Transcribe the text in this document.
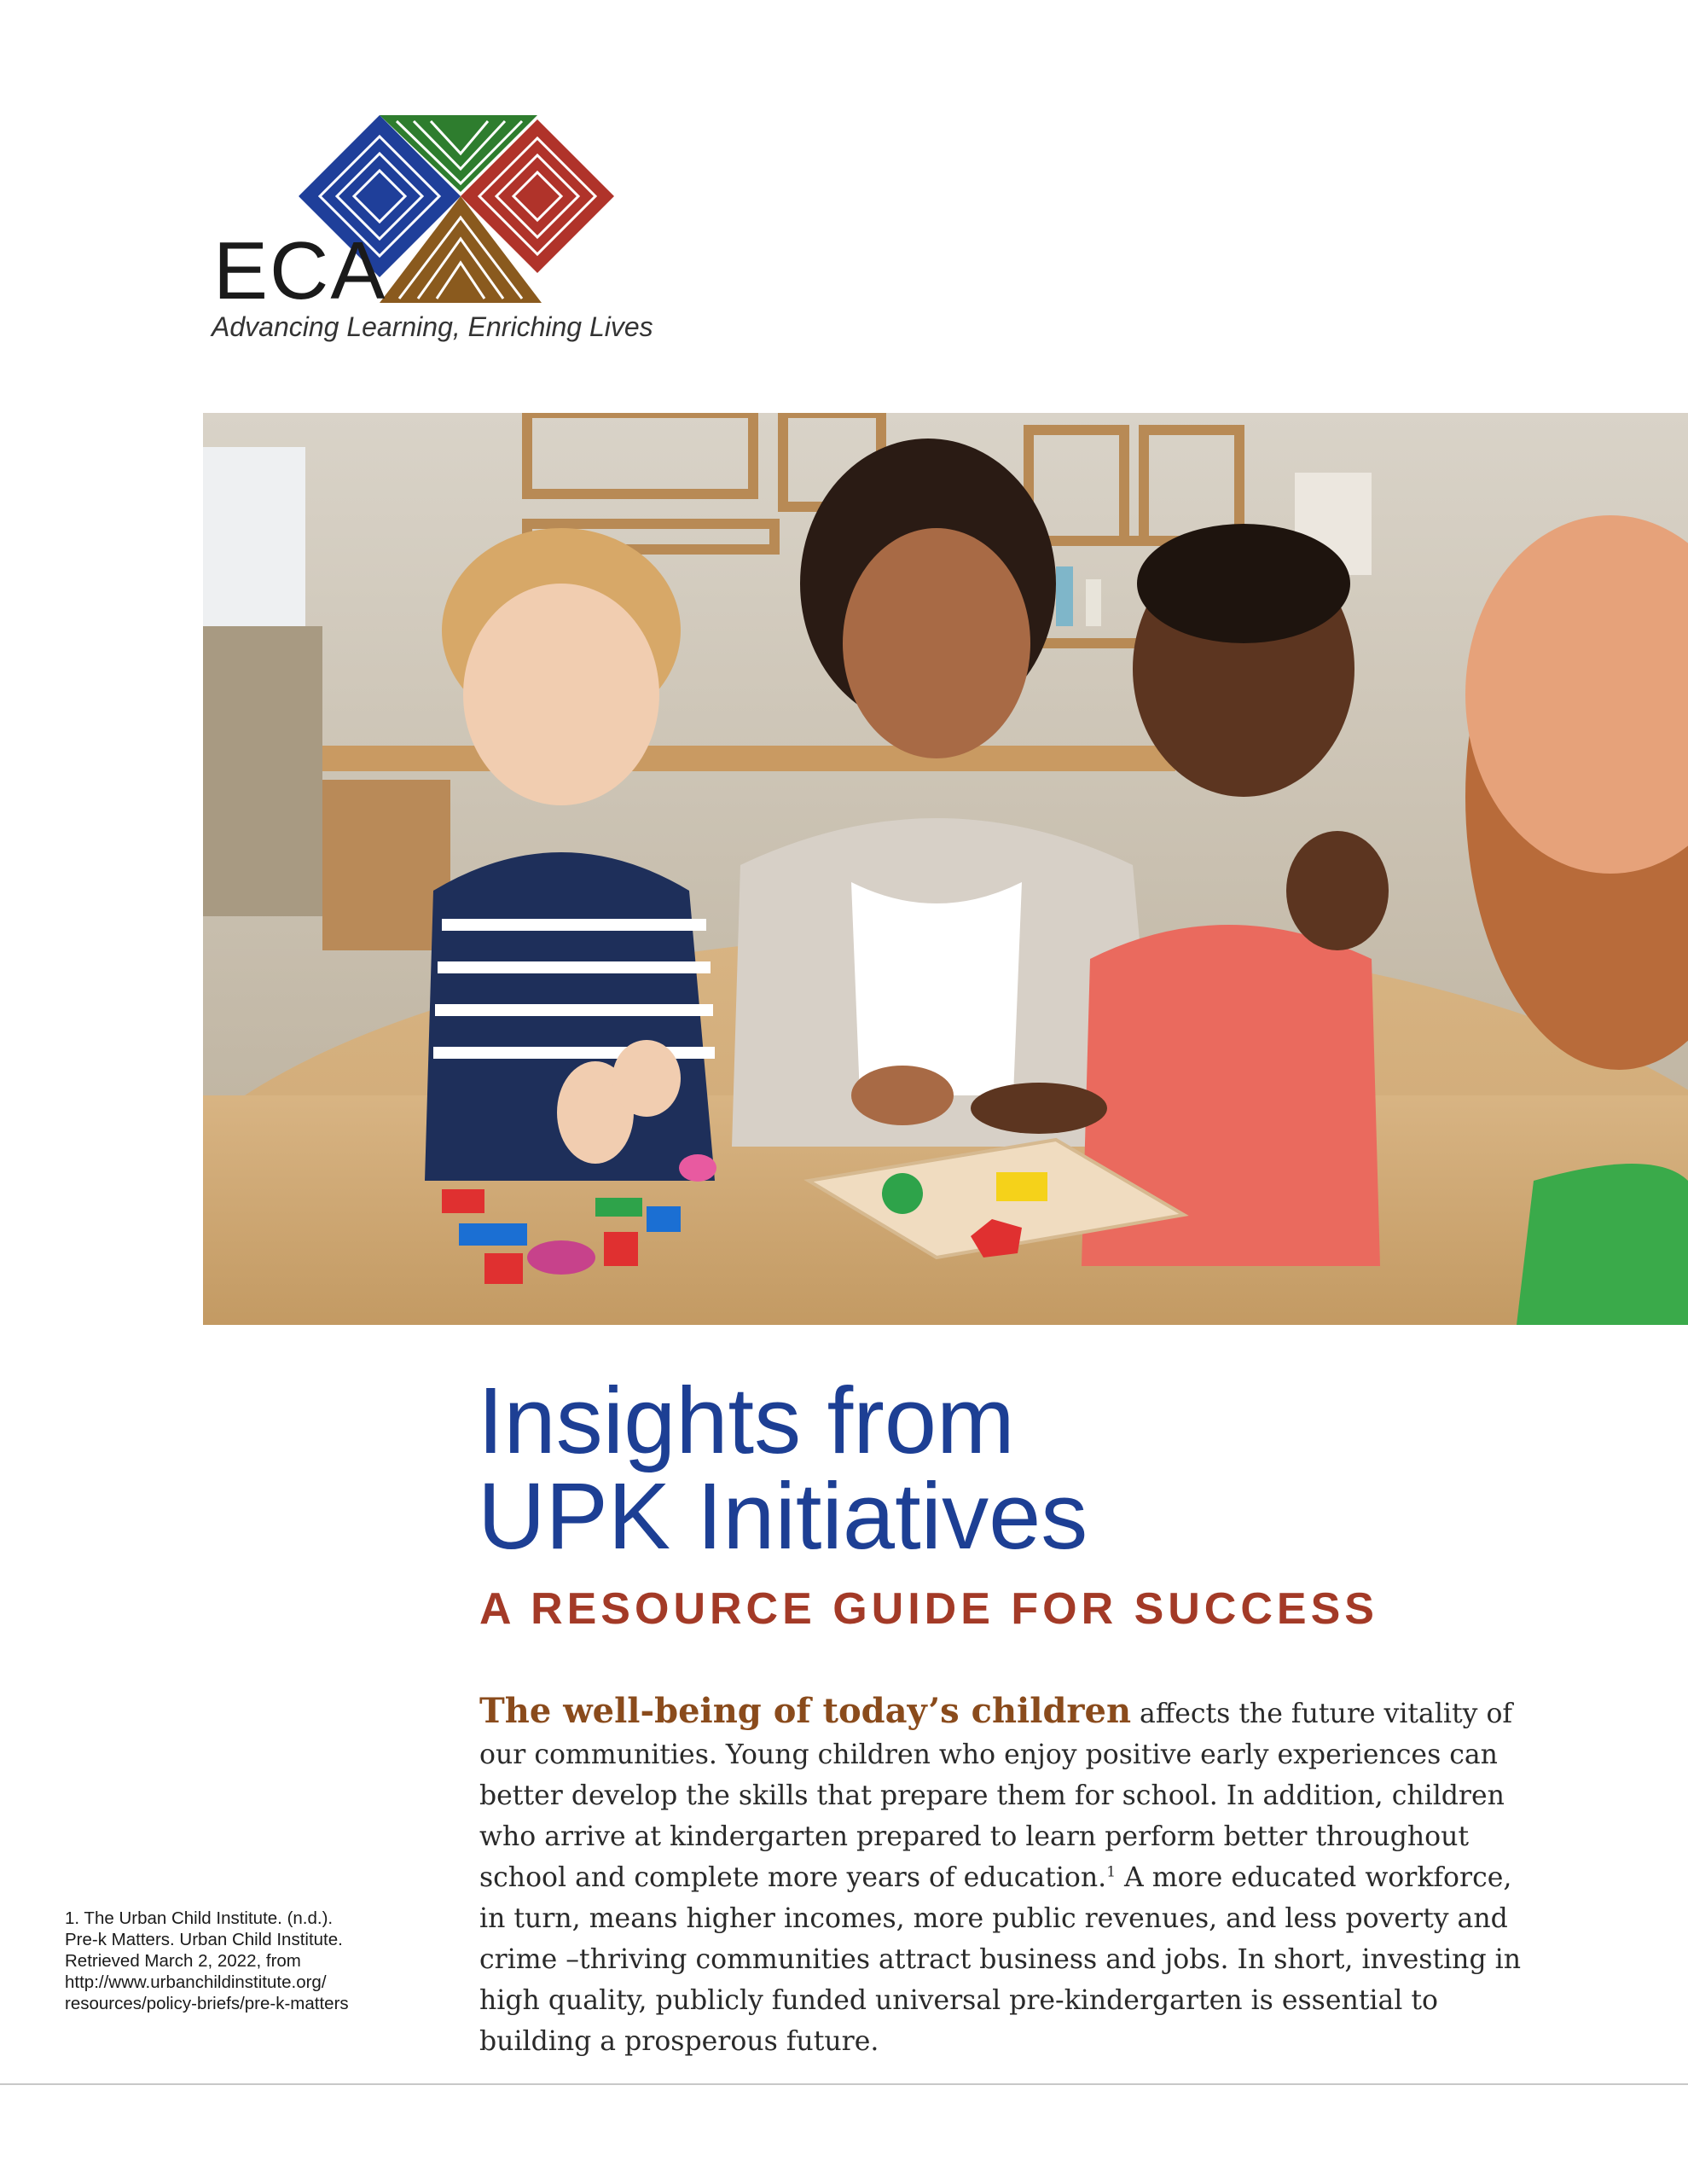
ECA
Advancing Learning, Enriching Lives
Insights from
UPK Initiatives
A RESOURCE GUIDE FOR SUCCESS

The well-being of today’s children affects the future vitality of our communities. Young children who enjoy positive early experiences can better develop the skills that prepare them for school. In addition, children who arrive at kindergarten prepared to learn perform better throughout school and complete more years of education.$^1$ A more educated workforce, in turn, means higher incomes, more public revenues, and less poverty and crime –thriving communities attract business and jobs. In short, investing in high quality, publicly funded universal pre-kindergarten is essential to building a prosperous future.

1. The Urban Child Institute. (n.d.).
Pre-k Matters. Urban Child Institute.
Retrieved March 2, 2022, from
http://www.urbanchildinstitute.org/
resources/policy-briefs/pre-k-matters
